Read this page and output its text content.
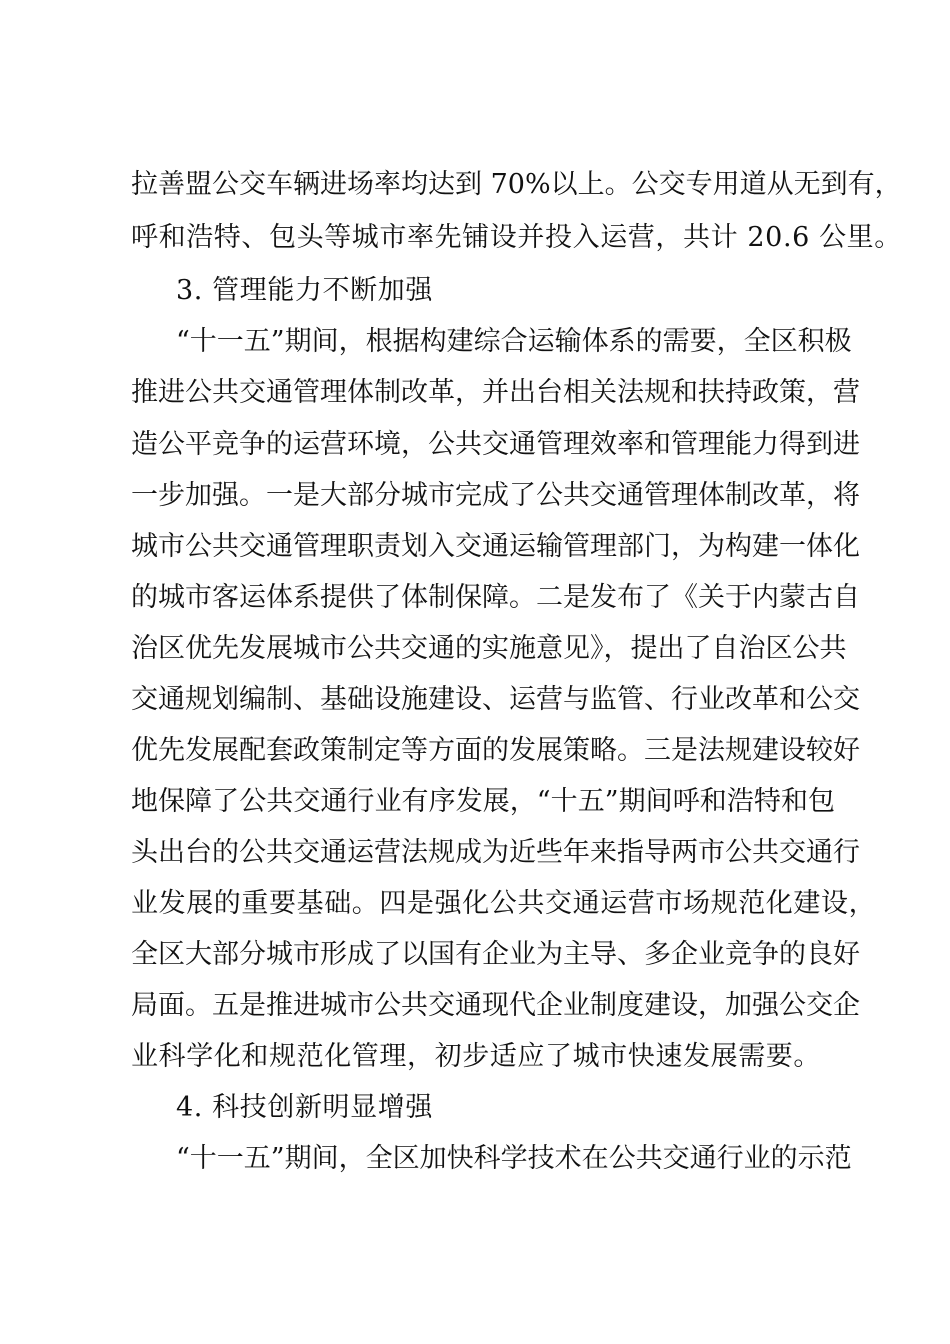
拉善盟公交车辆进场率均达到 70%以上。公交专用道从无到有，
呼和浩特、包头等城市率先铺设并投入运营，共计 20.6 公里。
3. 管理能力不断加强
“十一五”期间，根据构建综合运输体系的需要，全区积极
推进公共交通管理体制改革，并出台相关法规和扶持政策，营
造公平竞争的运营环境，公共交通管理效率和管理能力得到进
一步加强。一是大部分城市完成了公共交通管理体制改革，将
城市公共交通管理职责划入交通运输管理部门，为构建一体化
的城市客运体系提供了体制保障。二是发布了《关于内蒙古自
治区优先发展城市公共交通的实施意见》，提出了自治区公共
交通规划编制、基础设施建设、运营与监管、行业改革和公交
优先发展配套政策制定等方面的发展策略。三是法规建设较好
地保障了公共交通行业有序发展，“十五”期间呼和浩特和包
头出台的公共交通运营法规成为近些年来指导两市公共交通行
业发展的重要基础。四是强化公共交通运营市场规范化建设，
全区大部分城市形成了以国有企业为主导、多企业竞争的良好
局面。五是推进城市公共交通现代企业制度建设，加强公交企
业科学化和规范化管理，初步适应了城市快速发展需要。
4. 科技创新明显增强
“十一五”期间，全区加快科学技术在公共交通行业的示范
